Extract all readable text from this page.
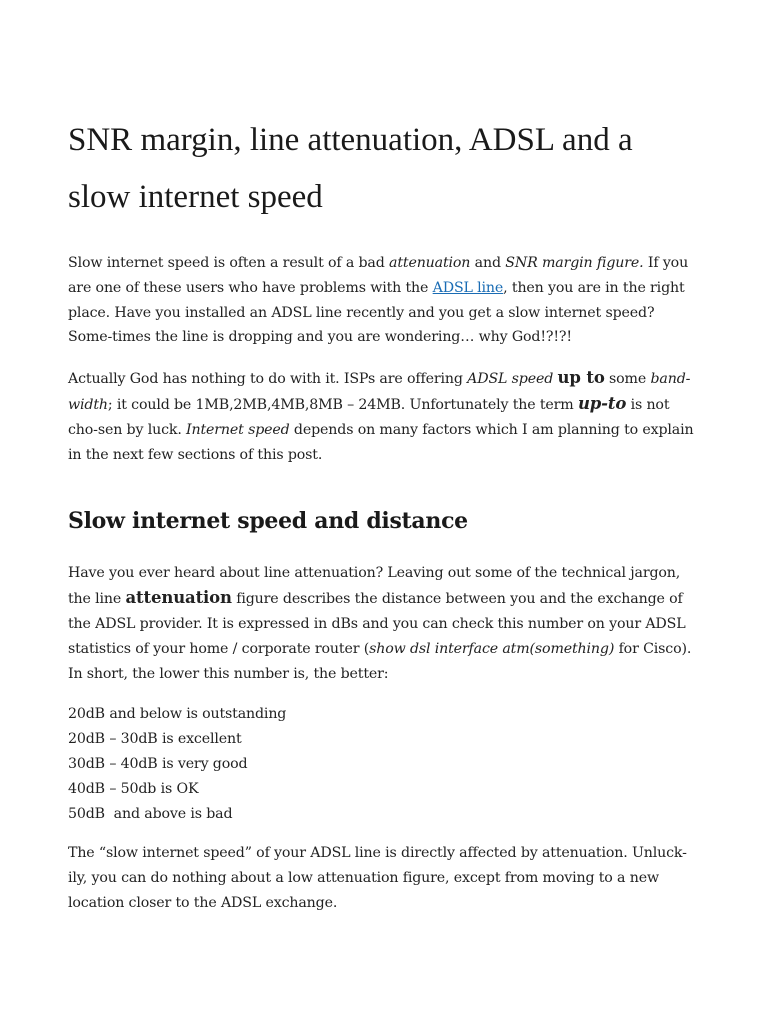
SNR margin, line attenuation, ADSL and a slow internet speed

Slow internet speed is often a result of a bad attenuation and SNR margin figure. If you are one of these users who have problems with the ADSL line, then you are in the right place. Have you installed an ADSL line recently and you get a slow internet speed? Some-times the line is dropping and you are wondering… why God!?!?!

Actually God has nothing to do with it. ISPs are offering ADSL speed up to some band-width; it could be 1MB,2MB,4MB,8MB – 24MB. Unfortunately the term up-to is not cho-sen by luck. Internet speed depends on many factors which I am planning to explain in the next few sections of this post.

Slow internet speed and distance

Have you ever heard about line attenuation? Leaving out some of the technical jargon, the line attenuation figure describes the distance between you and the exchange of the ADSL provider. It is expressed in dBs and you can check this number on your ADSL statistics of your home / corporate router (show dsl interface atm(something) for Cisco). In short, the lower this number is, the better:

20dB and below is outstanding
20dB – 30dB is excellent
30dB – 40dB is very good
40dB – 50db is OK
50dB  and above is bad

The “slow internet speed” of your ADSL line is directly affected by attenuation. Unluck-ily, you can do nothing about a low attenuation figure, except from moving to a new location closer to the ADSL exchange.
